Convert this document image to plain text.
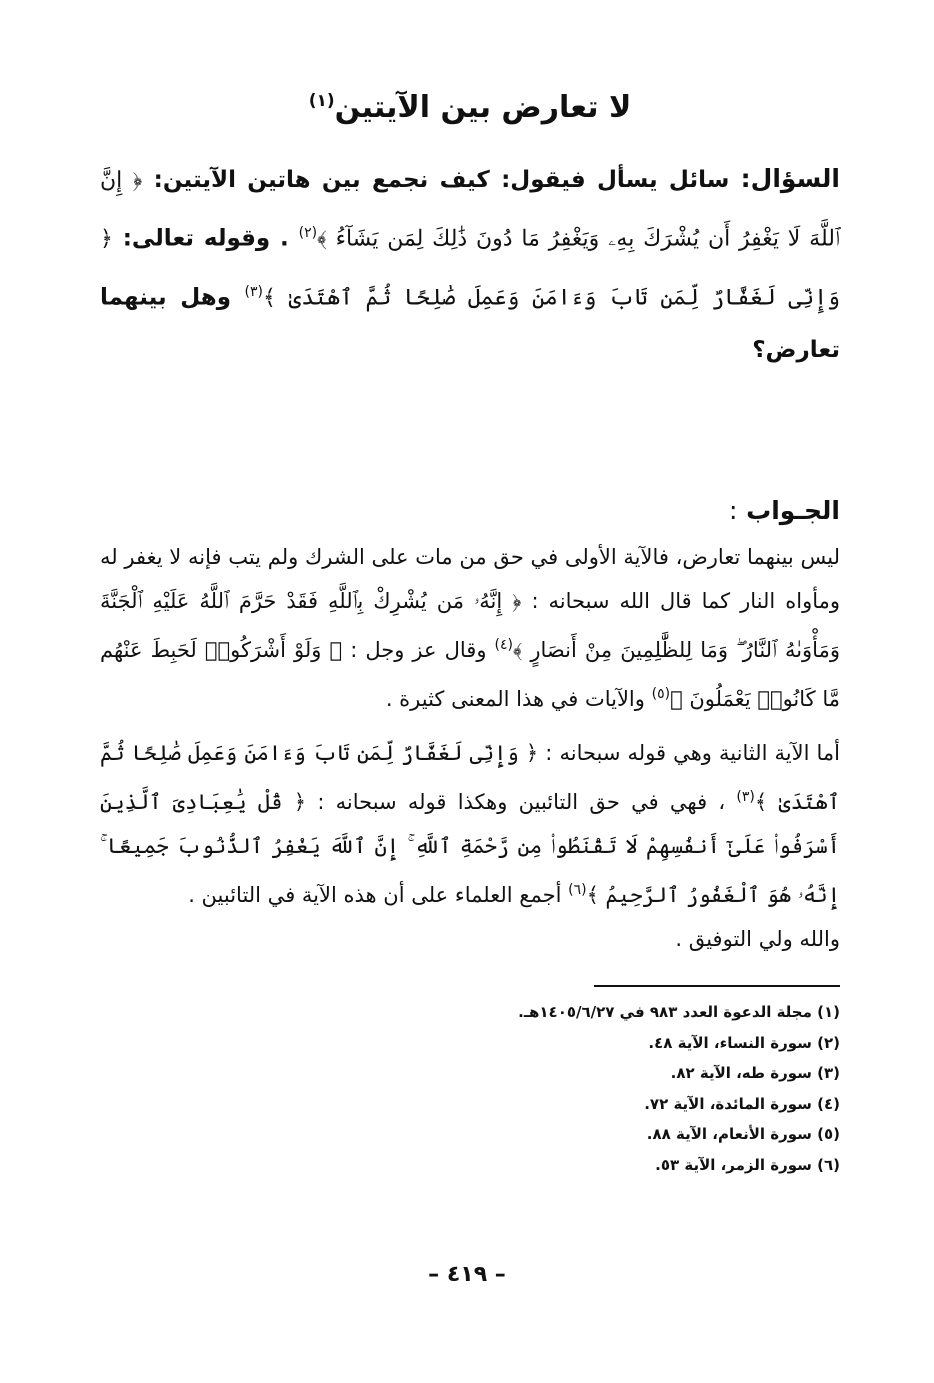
لا تعارض بين الآيتين$^{(١)}$
السؤال: سائل يسأل فيقول: كيف نجمع بين هاتين الآيتين: ﴿ إِنَّ ٱللَّهَ لَا يَغْفِرُ أَن يُشْرَكَ بِهِۦ وَيَغْفِرُ مَا دُونَ ذَٰلِكَ لِمَن يَشَآءُ ﴾$^{(٢)}$ . وقوله تعالى: ﴿ وَإِنِّى لَغَفَّارٌ لِّمَن تَابَ وَءَامَنَ وَعَمِلَ صَٰلِحًا ثُمَّ ٱهْتَدَىٰ ﴾$^{(٣)}$ وهل بينهما تعارض؟
الجـواب :
ليس بينهما تعارض، فالآية الأولى في حق من مات على الشرك ولم يتب فإنه لا يغفر له ومأواه النار كما قال الله سبحانه : ﴿ إِنَّهُۥ مَن يُشْرِكْ بِٱللَّهِ فَقَدْ حَرَّمَ ٱللَّهُ عَلَيْهِ ٱلْجَنَّةَ وَمَأْوَىٰهُ ٱلنَّارُ ۖ وَمَا لِلظَّٰلِمِينَ مِنْ أَنصَارٍ ﴾$^{(٤)}$ وقال عز وجل : ﴿ وَلَوْ أَشْرَكُوا۟ لَحَبِطَ عَنْهُم مَّا كَانُوا۟ يَعْمَلُونَ ﴾$^{(٥)}$ والآيات في هذا المعنى كثيرة .
أما الآية الثانية وهي قوله سبحانه : ﴿ وَإِنِّى لَغَفَّارٌ لِّمَن تَابَ وَءَامَنَ وَعَمِلَ صَٰلِحًا ثُمَّ ٱهْتَدَىٰ ﴾$^{(٣)}$ ، فهي في حق التائبين وهكذا قوله سبحانه : ﴿ قُلْ يَٰعِبَادِىَ ٱلَّذِينَ أَسْرَفُوا۟ عَلَىٰٓ أَنفُسِهِمْ لَا تَقْنَطُوا۟ مِن رَّحْمَةِ ٱللَّهِ ۚ إِنَّ ٱللَّهَ يَغْفِرُ ٱلذُّنُوبَ جَمِيعًا ۚ إِنَّهُۥ هُوَ ٱلْغَفُورُ ٱلرَّحِيمُ ﴾$^{(٦)}$ أجمع العلماء على أن هذه الآية في التائبين .
والله ولي التوفيق .
(١) مجلة الدعوة العدد ٩٨٣ في ١٤٠٥/٦/٢٧هـ.
(٢) سورة النساء، الآية ٤٨.
(٣) سورة طه، الآية ٨٢.
(٤) سورة المائدة، الآية ٧٢.
(٥) سورة الأنعام، الآية ٨٨.
(٦) سورة الزمر، الآية ٥٣.
– ٤١٩ –
